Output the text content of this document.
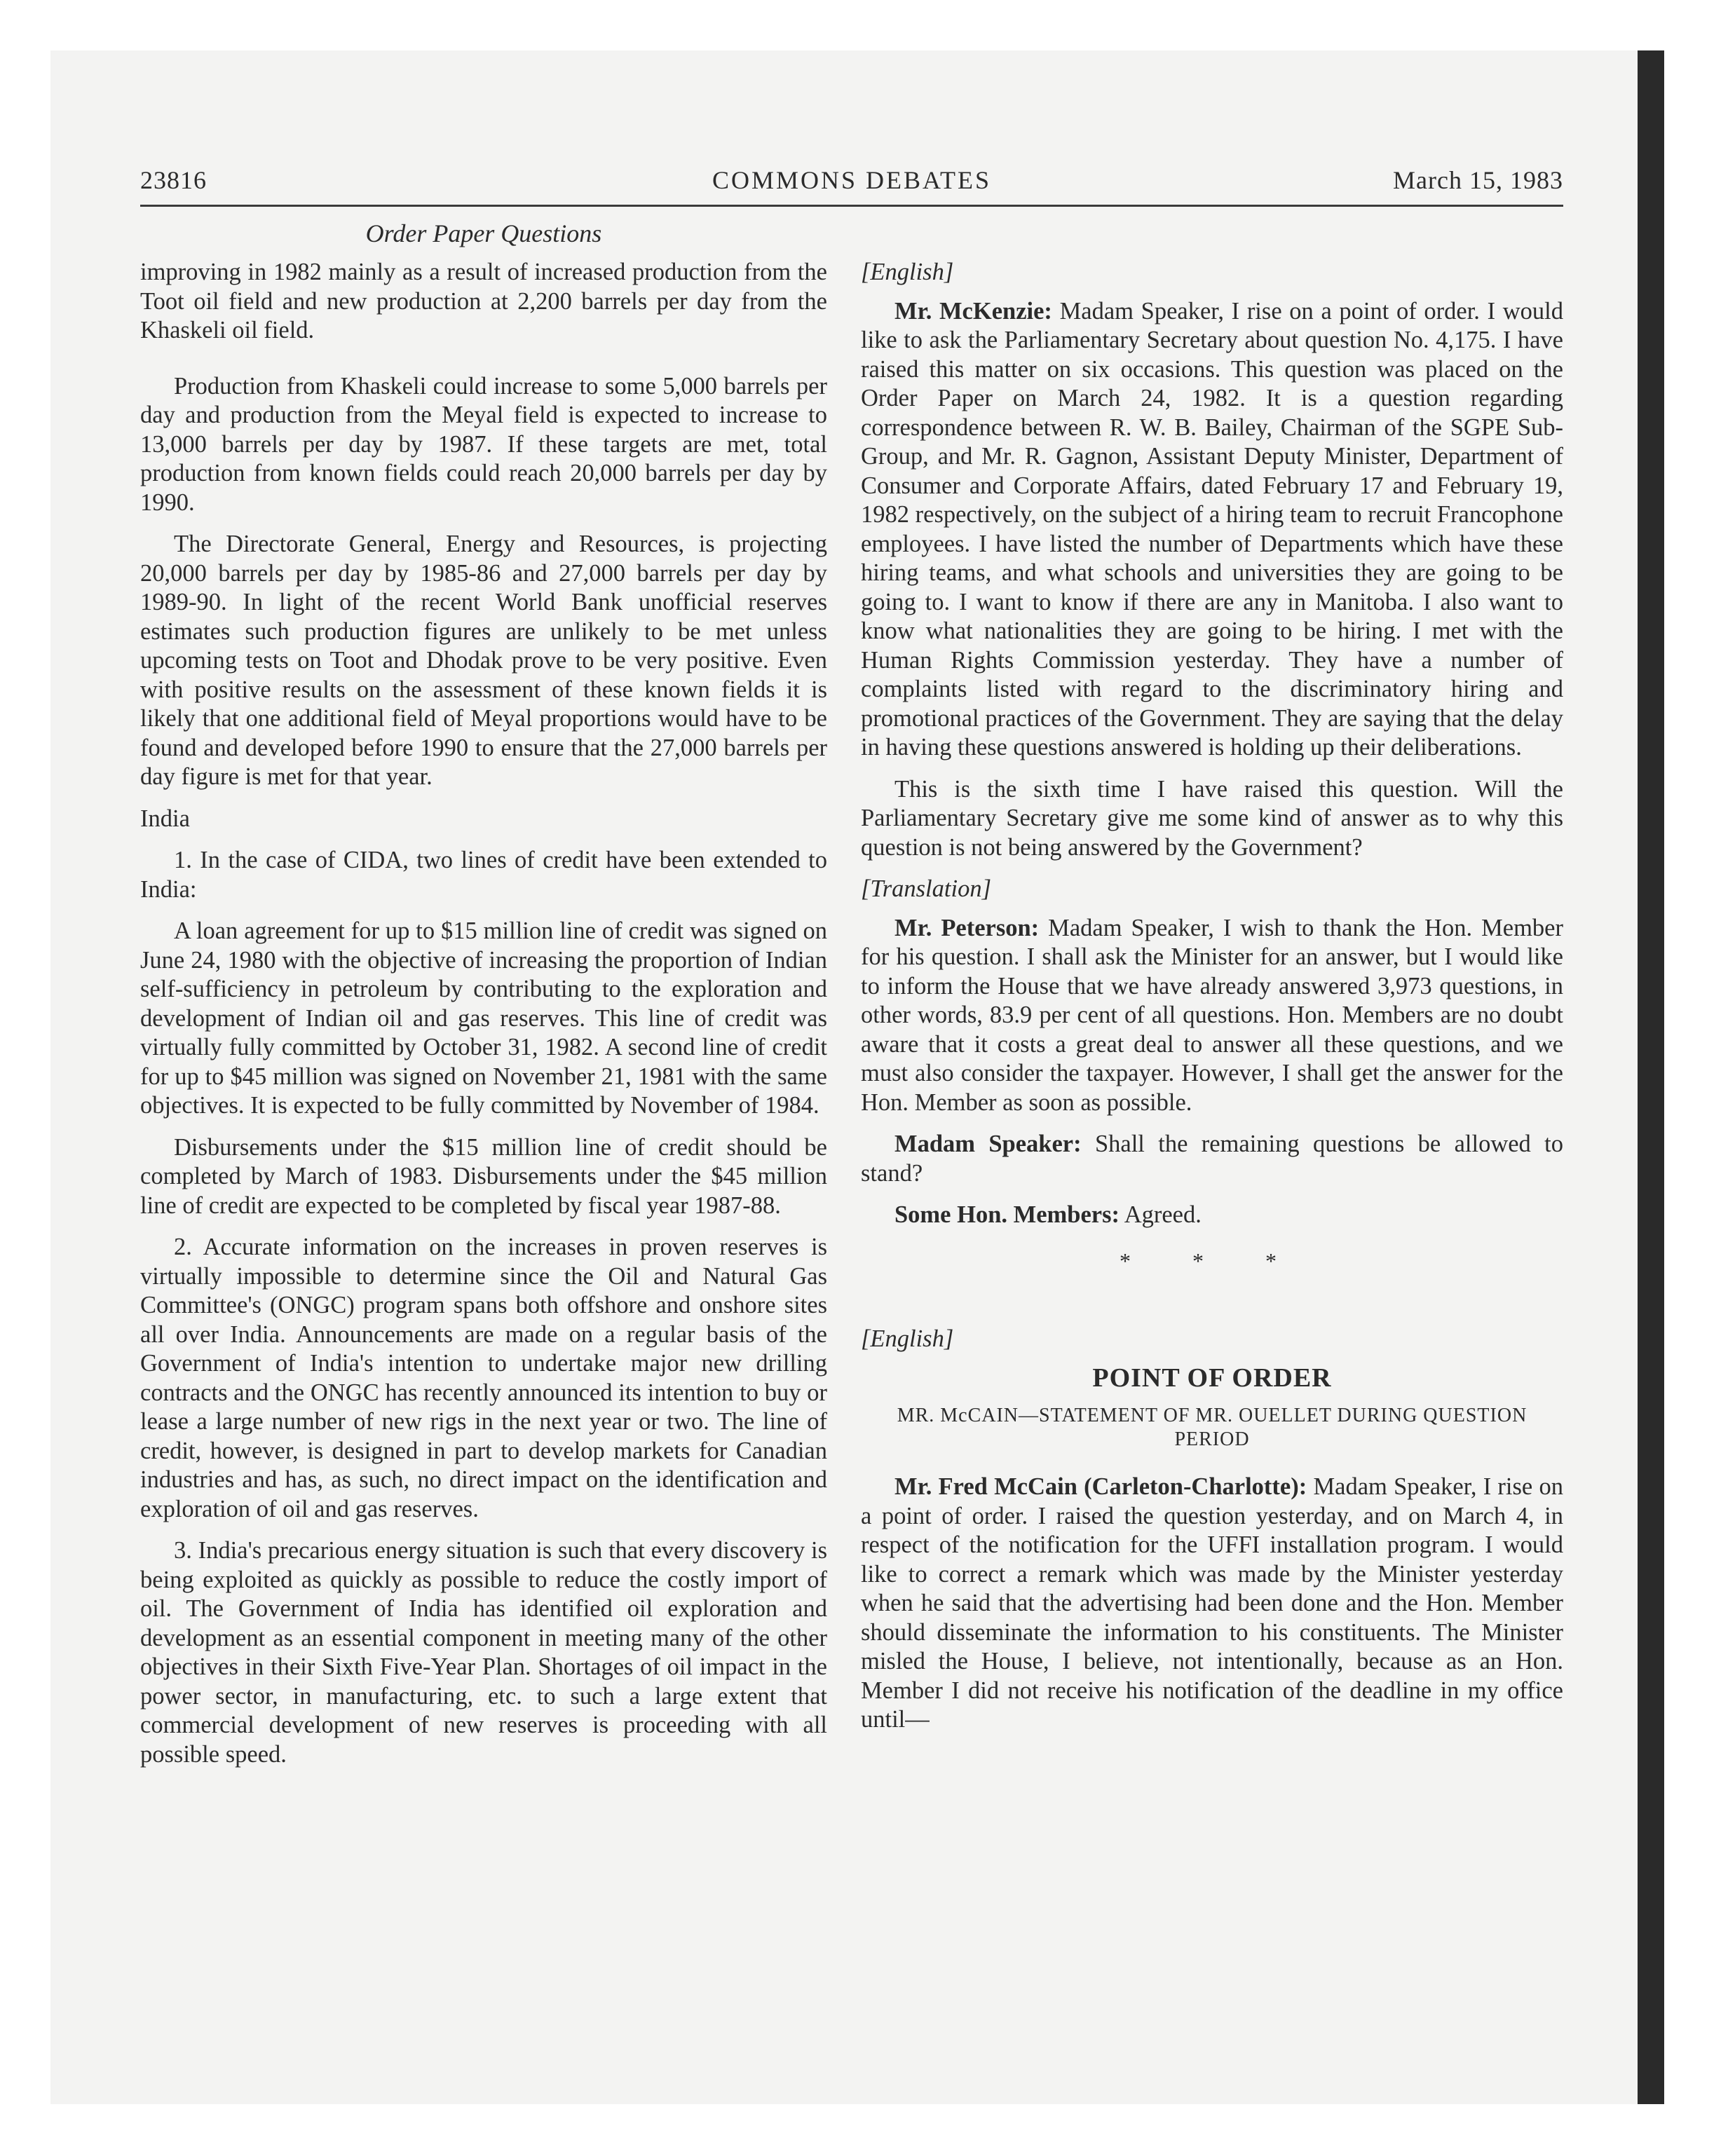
23816	COMMONS DEBATES	March 15, 1983
Order Paper Questions

improving in 1982 mainly as a result of increased production from the Toot oil field and new production at 2,200 barrels per day from the Khaskeli oil field.

Production from Khaskeli could increase to some 5,000 barrels per day and production from the Meyal field is expected to increase to 13,000 barrels per day by 1987. If these targets are met, total production from known fields could reach 20,000 barrels per day by 1990.

The Directorate General, Energy and Resources, is projecting 20,000 barrels per day by 1985-86 and 27,000 barrels per day by 1989-90. In light of the recent World Bank unofficial reserves estimates such production figures are unlikely to be met unless upcoming tests on Toot and Dhodak prove to be very positive. Even with positive results on the assessment of these known fields it is likely that one additional field of Meyal proportions would have to be found and developed before 1990 to ensure that the 27,000 barrels per day figure is met for that year.

India

1. In the case of CIDA, two lines of credit have been extended to India:

A loan agreement for up to $15 million line of credit was signed on June 24, 1980 with the objective of increasing the proportion of Indian self-sufficiency in petroleum by contributing to the exploration and development of Indian oil and gas reserves. This line of credit was virtually fully committed by October 31, 1982. A second line of credit for up to $45 million was signed on November 21, 1981 with the same objectives. It is expected to be fully committed by November of 1984.

Disbursements under the $15 million line of credit should be completed by March of 1983. Disbursements under the $45 million line of credit are expected to be completed by fiscal year 1987-88.

2. Accurate information on the increases in proven reserves is virtually impossible to determine since the Oil and Natural Gas Committee's (ONGC) program spans both offshore and onshore sites all over India. Announcements are made on a regular basis of the Government of India's intention to undertake major new drilling contracts and the ONGC has recently announced its intention to buy or lease a large number of new rigs in the next year or two. The line of credit, however, is designed in part to develop markets for Canadian industries and has, as such, no direct impact on the identification and exploration of oil and gas reserves.

3. India's precarious energy situation is such that every discovery is being exploited as quickly as possible to reduce the costly import of oil. The Government of India has identified oil exploration and development as an essential component in meeting many of the other objectives in their Sixth Five-Year Plan. Shortages of oil impact in the power sector, in manufacturing, etc. to such a large extent that commercial development of new reserves is proceeding with all possible speed.

[English]

Mr. McKenzie: Madam Speaker, I rise on a point of order. I would like to ask the Parliamentary Secretary about question No. 4,175. I have raised this matter on six occasions. This question was placed on the Order Paper on March 24, 1982. It is a question regarding correspondence between R. W. B. Bailey, Chairman of the SGPE Sub-Group, and Mr. R. Gagnon, Assistant Deputy Minister, Department of Consumer and Corporate Affairs, dated February 17 and February 19, 1982 respectively, on the subject of a hiring team to recruit Francophone employees. I have listed the number of Departments which have these hiring teams, and what schools and universities they are going to be going to. I want to know if there are any in Manitoba. I also want to know what nationalities they are going to be hiring. I met with the Human Rights Commission yesterday. They have a number of complaints listed with regard to the discriminatory hiring and promotional practices of the Government. They are saying that the delay in having these questions answered is holding up their deliberations.

This is the sixth time I have raised this question. Will the Parliamentary Secretary give me some kind of answer as to why this question is not being answered by the Government?

[Translation]

Mr. Peterson: Madam Speaker, I wish to thank the Hon. Member for his question. I shall ask the Minister for an answer, but I would like to inform the House that we have already answered 3,973 questions, in other words, 83.9 per cent of all questions. Hon. Members are no doubt aware that it costs a great deal to answer all these questions, and we must also consider the taxpayer. However, I shall get the answer for the Hon. Member as soon as possible.

Madam Speaker: Shall the remaining questions be allowed to stand?

Some Hon. Members: Agreed.

* * *

[English]

POINT OF ORDER
MR. McCAIN—STATEMENT OF MR. OUELLET DURING QUESTION PERIOD

Mr. Fred McCain (Carleton-Charlotte): Madam Speaker, I rise on a point of order. I raised the question yesterday, and on March 4, in respect of the notification for the UFFI installation program. I would like to correct a remark which was made by the Minister yesterday when he said that the advertising had been done and the Hon. Member should disseminate the information to his constituents. The Minister misled the House, I believe, not intentionally, because as an Hon. Member I did not receive his notification of the deadline in my office until—
